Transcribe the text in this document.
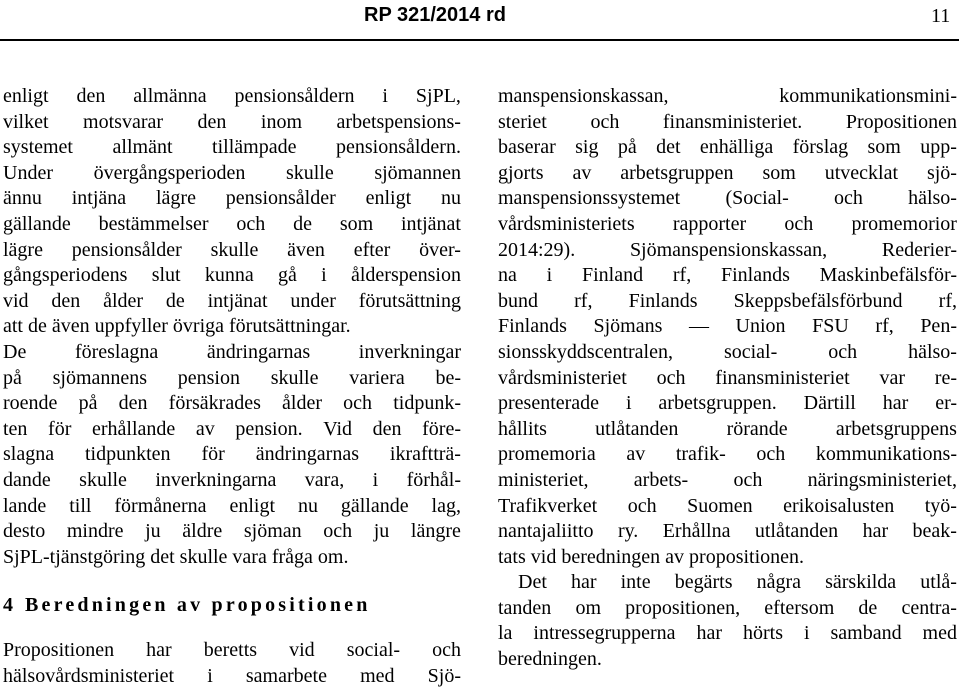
RP 321/2014 rd	11
enligt den allmänna pensionsåldern i SjPL,
vilket motsvarar den inom arbetspensions-
systemet allmänt tillämpade pensionsåldern.
Under övergångsperioden skulle sjömannen
ännu intjäna lägre pensionsålder enligt nu
gällande bestämmelser och de som intjänat
lägre pensionsålder skulle även efter över-
gångsperiodens slut kunna gå i ålderspension
vid den ålder de intjänat under förutsättning
att de även uppfyller övriga förutsättningar.
De föreslagna ändringarnas inverkningar
på sjömannens pension skulle variera be-
roende på den försäkrades ålder och tidpunk-
ten för erhållande av pension. Vid den före-
slagna tidpunkten för ändringarnas ikraftträ-
dande skulle inverkningarna vara, i förhål-
lande till förmånerna enligt nu gällande lag,
desto mindre ju äldre sjöman och ju längre
SjPL-tjänstgöring det skulle vara fråga om.
4 Beredningen av propositionen
Propositionen har beretts vid social- och
hälsovårdsministeriet i samarbete med Sjö-
manspensionskassan,	kommunikationsmini-
steriet och finansministeriet. Propositionen
baserar sig på det enhälliga förslag som upp-
gjorts av arbetsgruppen som utvecklat sjö-
manspensionssystemet (Social- och hälso-
vårdsministeriets rapporter och promemorior
2014:29).	Sjömanspensionskassan,	Rederier-
na i Finland rf, Finlands Maskinbefälsför-
bund rf, Finlands Skeppsbefälsförbund rf,
Finlands Sjömans — Union FSU rf, Pen-
sionsskyddscentralen,	social-	och	hälso-
vårdsministeriet och finansministeriet var re-
presenterade i arbetsgruppen. Därtill har er-
hållits utlåtanden rörande arbetsgruppens
promemoria av trafik- och kommunikations-
ministeriet, arbets- och näringsministeriet,
Trafikverket och Suomen erikoisalusten työ-
nantajaliitto ry. Erhållna utlåtanden har beak-
tats vid beredningen av propositionen.
Det har inte begärts några särskilda utlå-
tanden om propositionen, eftersom de centra-
la intressegrupperna har hörts i samband med
beredningen.
